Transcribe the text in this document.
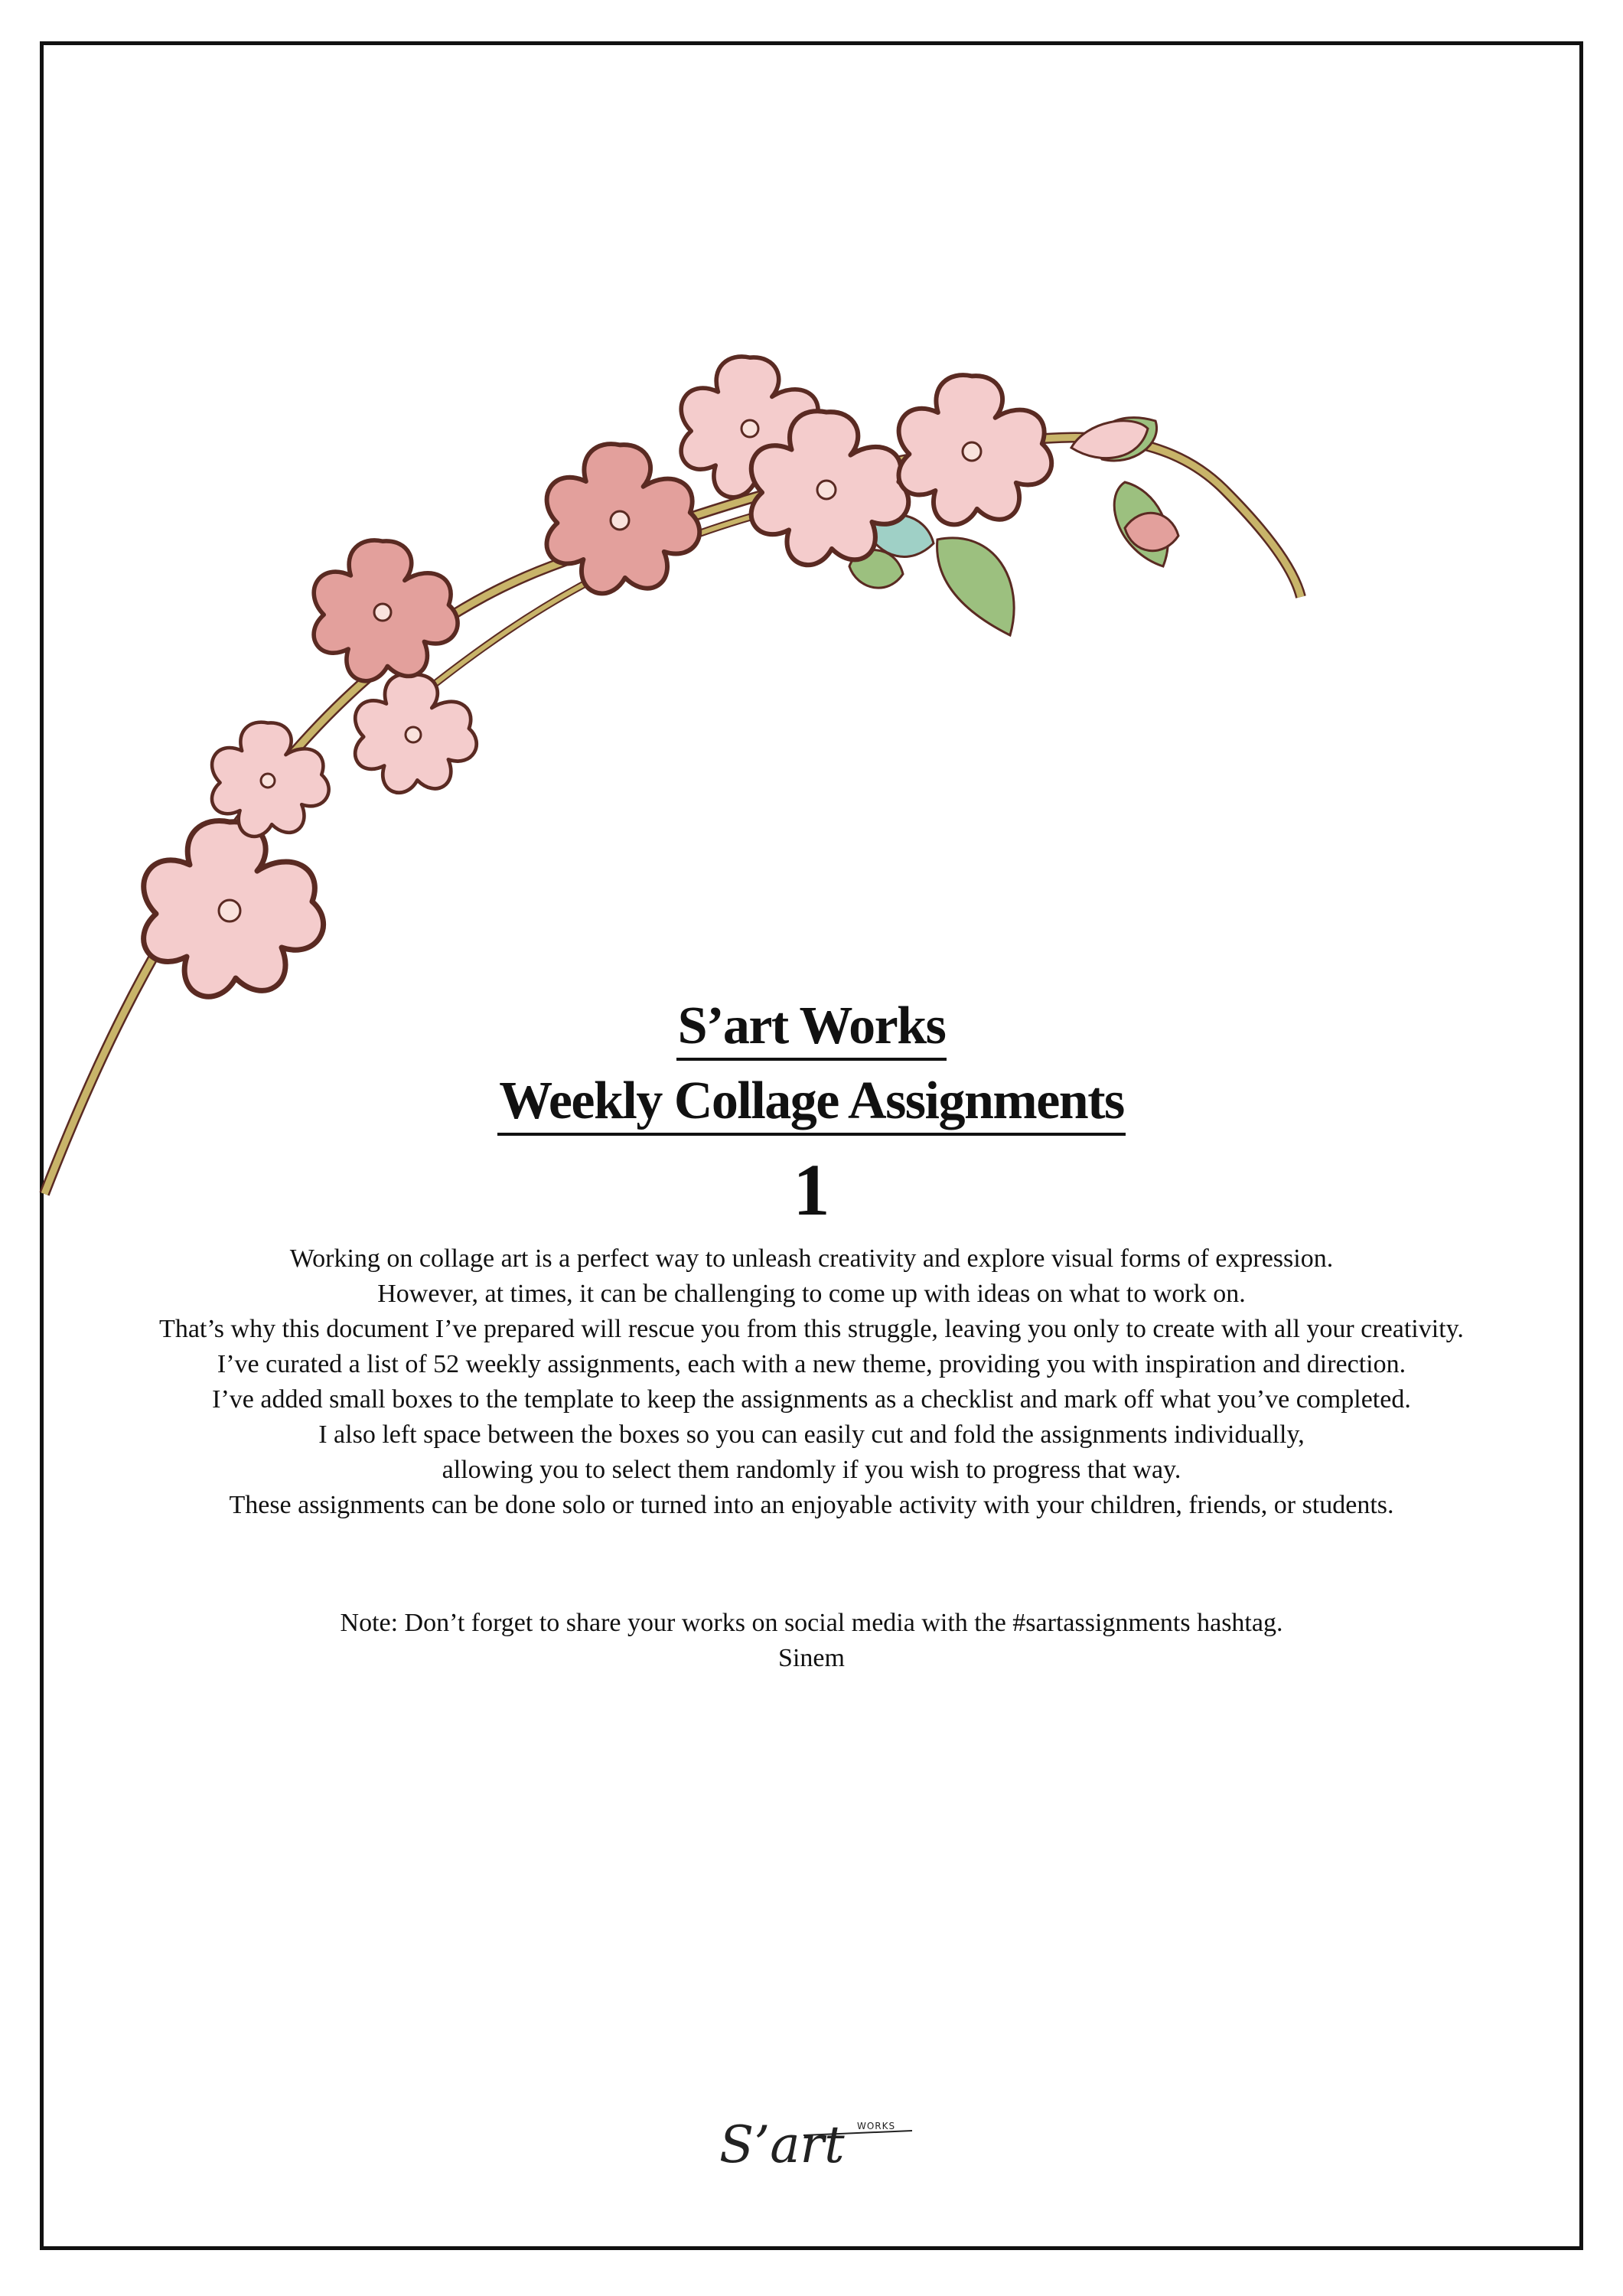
S’art Works
Weekly Collage Assignments
1

Working on collage art is a perfect way to unleash creativity and explore visual forms of expression.

However, at times, it can be challenging to come up with ideas on what to work on.

That’s why this document I’ve prepared will rescue you from this struggle, leaving you only to create with all your creativity.

I’ve curated a list of 52 weekly assignments, each with a new theme, providing you with inspiration and direction.

I’ve added small boxes to the template to keep the assignments as a checklist and mark off what you’ve completed.

I also left space between the boxes so you can easily cut and fold the assignments individually,

allowing you to select them randomly if you wish to progress that way.

These assignments can be done solo or turned into an enjoyable activity with your children, friends, or students.

Note: Don’t forget to share your works on social media with the #sartassignments hashtag.

Sinem

S’art WORKS
